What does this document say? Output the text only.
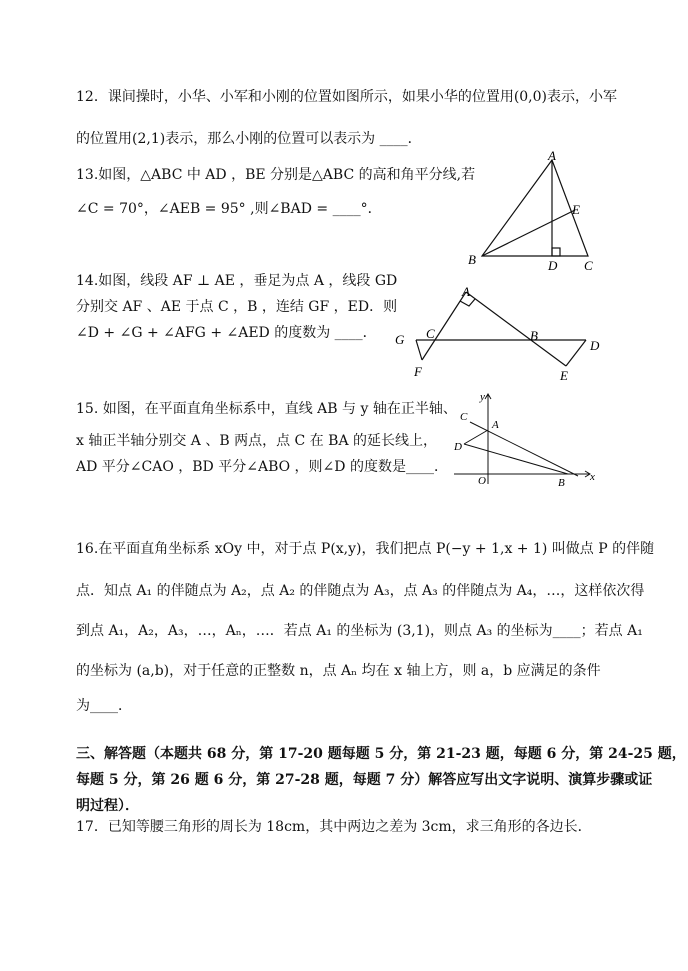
12．课间操时，小华、小军和小刚的位置如图所示，如果小华的位置用(0,0)表示，小军
的位置用(2,1)表示，那么小刚的位置可以表示为 ____．
13.如图，△ABC 中 AD ，BE 分别是△ABC 的高和角平分线,若
∠C = 70°，∠AEB = 95° ,则∠BAD = ____°．
A
B	D C
E
14.如图，线段 AF ⊥ AE ，垂足为点 A ，线段 GD
分别交 AF 、AE 于点 C ，B ，连结 GF ，ED．则
∠D + ∠G + ∠AFG + ∠AED 的度数为 ____．
A
G C	B
D
F	E
15. 如图，在平面直角坐标系中，直线 AB 与 y 轴在正半轴、
x 轴正半轴分别交 A 、B 两点，点 C 在 BA 的延长线上，
AD 平分∠CAO ，BD 平分∠ABO ，则∠D 的度数是____．
y
x
C
A
D
O	B
16.在平面直角坐标系 xOy 中，对于点 P(x,y)，我们把点 P(−y + 1,x + 1) 叫做点 P 的伴随
点．知点 A₁ 的伴随点为 A₂，点 A₂ 的伴随点为 A₃，点 A₃ 的伴随点为 A₄，…，这样依次得
到点 A₁，A₂，A₃，…，Aₙ，…．若点 A₁ 的坐标为 (3,1)，则点 A₃ 的坐标为____；若点 A₁
的坐标为 (a,b)，对于任意的正整数 n，点 Aₙ 均在 x 轴上方，则 a，b 应满足的条件
为____．
三、解答题（本题共 68 分，第 17-20 题每题 5 分，第 21-23 题，每题 6 分，第 24-25 题，
每题 5 分，第 26 题 6 分，第 27-28 题，每题 7 分）解答应写出文字说明、演算步骤或证
明过程）．
17．已知等腰三角形的周长为 18cm，其中两边之差为 3cm，求三角形的各边长．
